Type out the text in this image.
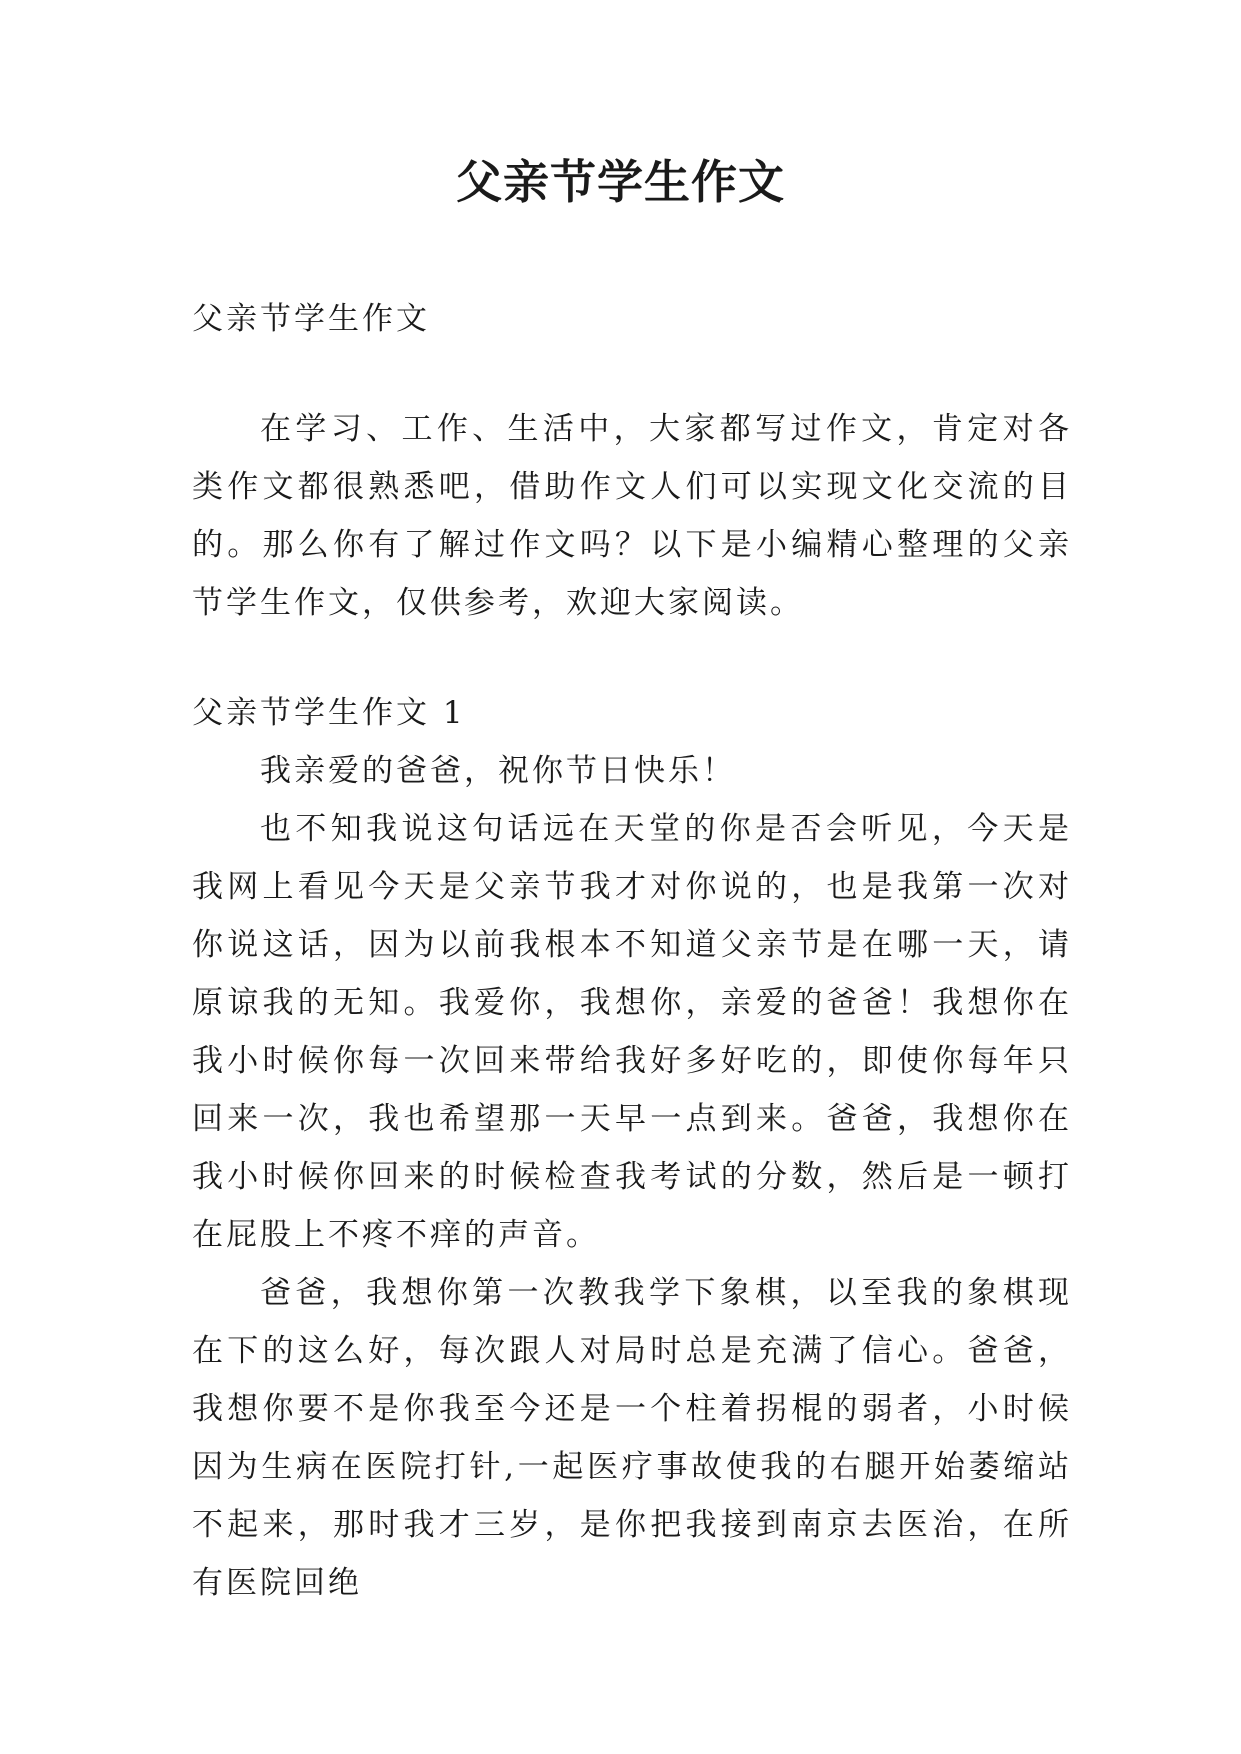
父亲节学生作文

父亲节学生作文

在学习、工作、生活中，大家都写过作文，肯定对各类作文都很熟悉吧，借助作文人们可以实现文化交流的目的。那么你有了解过作文吗？以下是小编精心整理的父亲节学生作文，仅供参考，欢迎大家阅读。

父亲节学生作文 1

我亲爱的爸爸，祝你节日快乐！

也不知我说这句话远在天堂的你是否会听见，今天是我网上看见今天是父亲节我才对你说的，也是我第一次对你说这话，因为以前我根本不知道父亲节是在哪一天，请原谅我的无知。我爱你，我想你，亲爱的爸爸！我想你在我小时候你每一次回来带给我好多好吃的，即使你每年只回来一次，我也希望那一天早一点到来。爸爸，我想你在我小时候你回来的时候检查我考试的分数，然后是一顿打在屁股上不疼不痒的声音。

爸爸，我想你第一次教我学下象棋，以至我的象棋现在下的这么好，每次跟人对局时总是充满了信心。爸爸，我想你要不是你我至今还是一个柱着拐棍的弱者，小时候因为生病在医院打针,一起医疗事故使我的右腿开始萎缩站不起来，那时我才三岁，是你把我接到南京去医治，在所有医院回绝
